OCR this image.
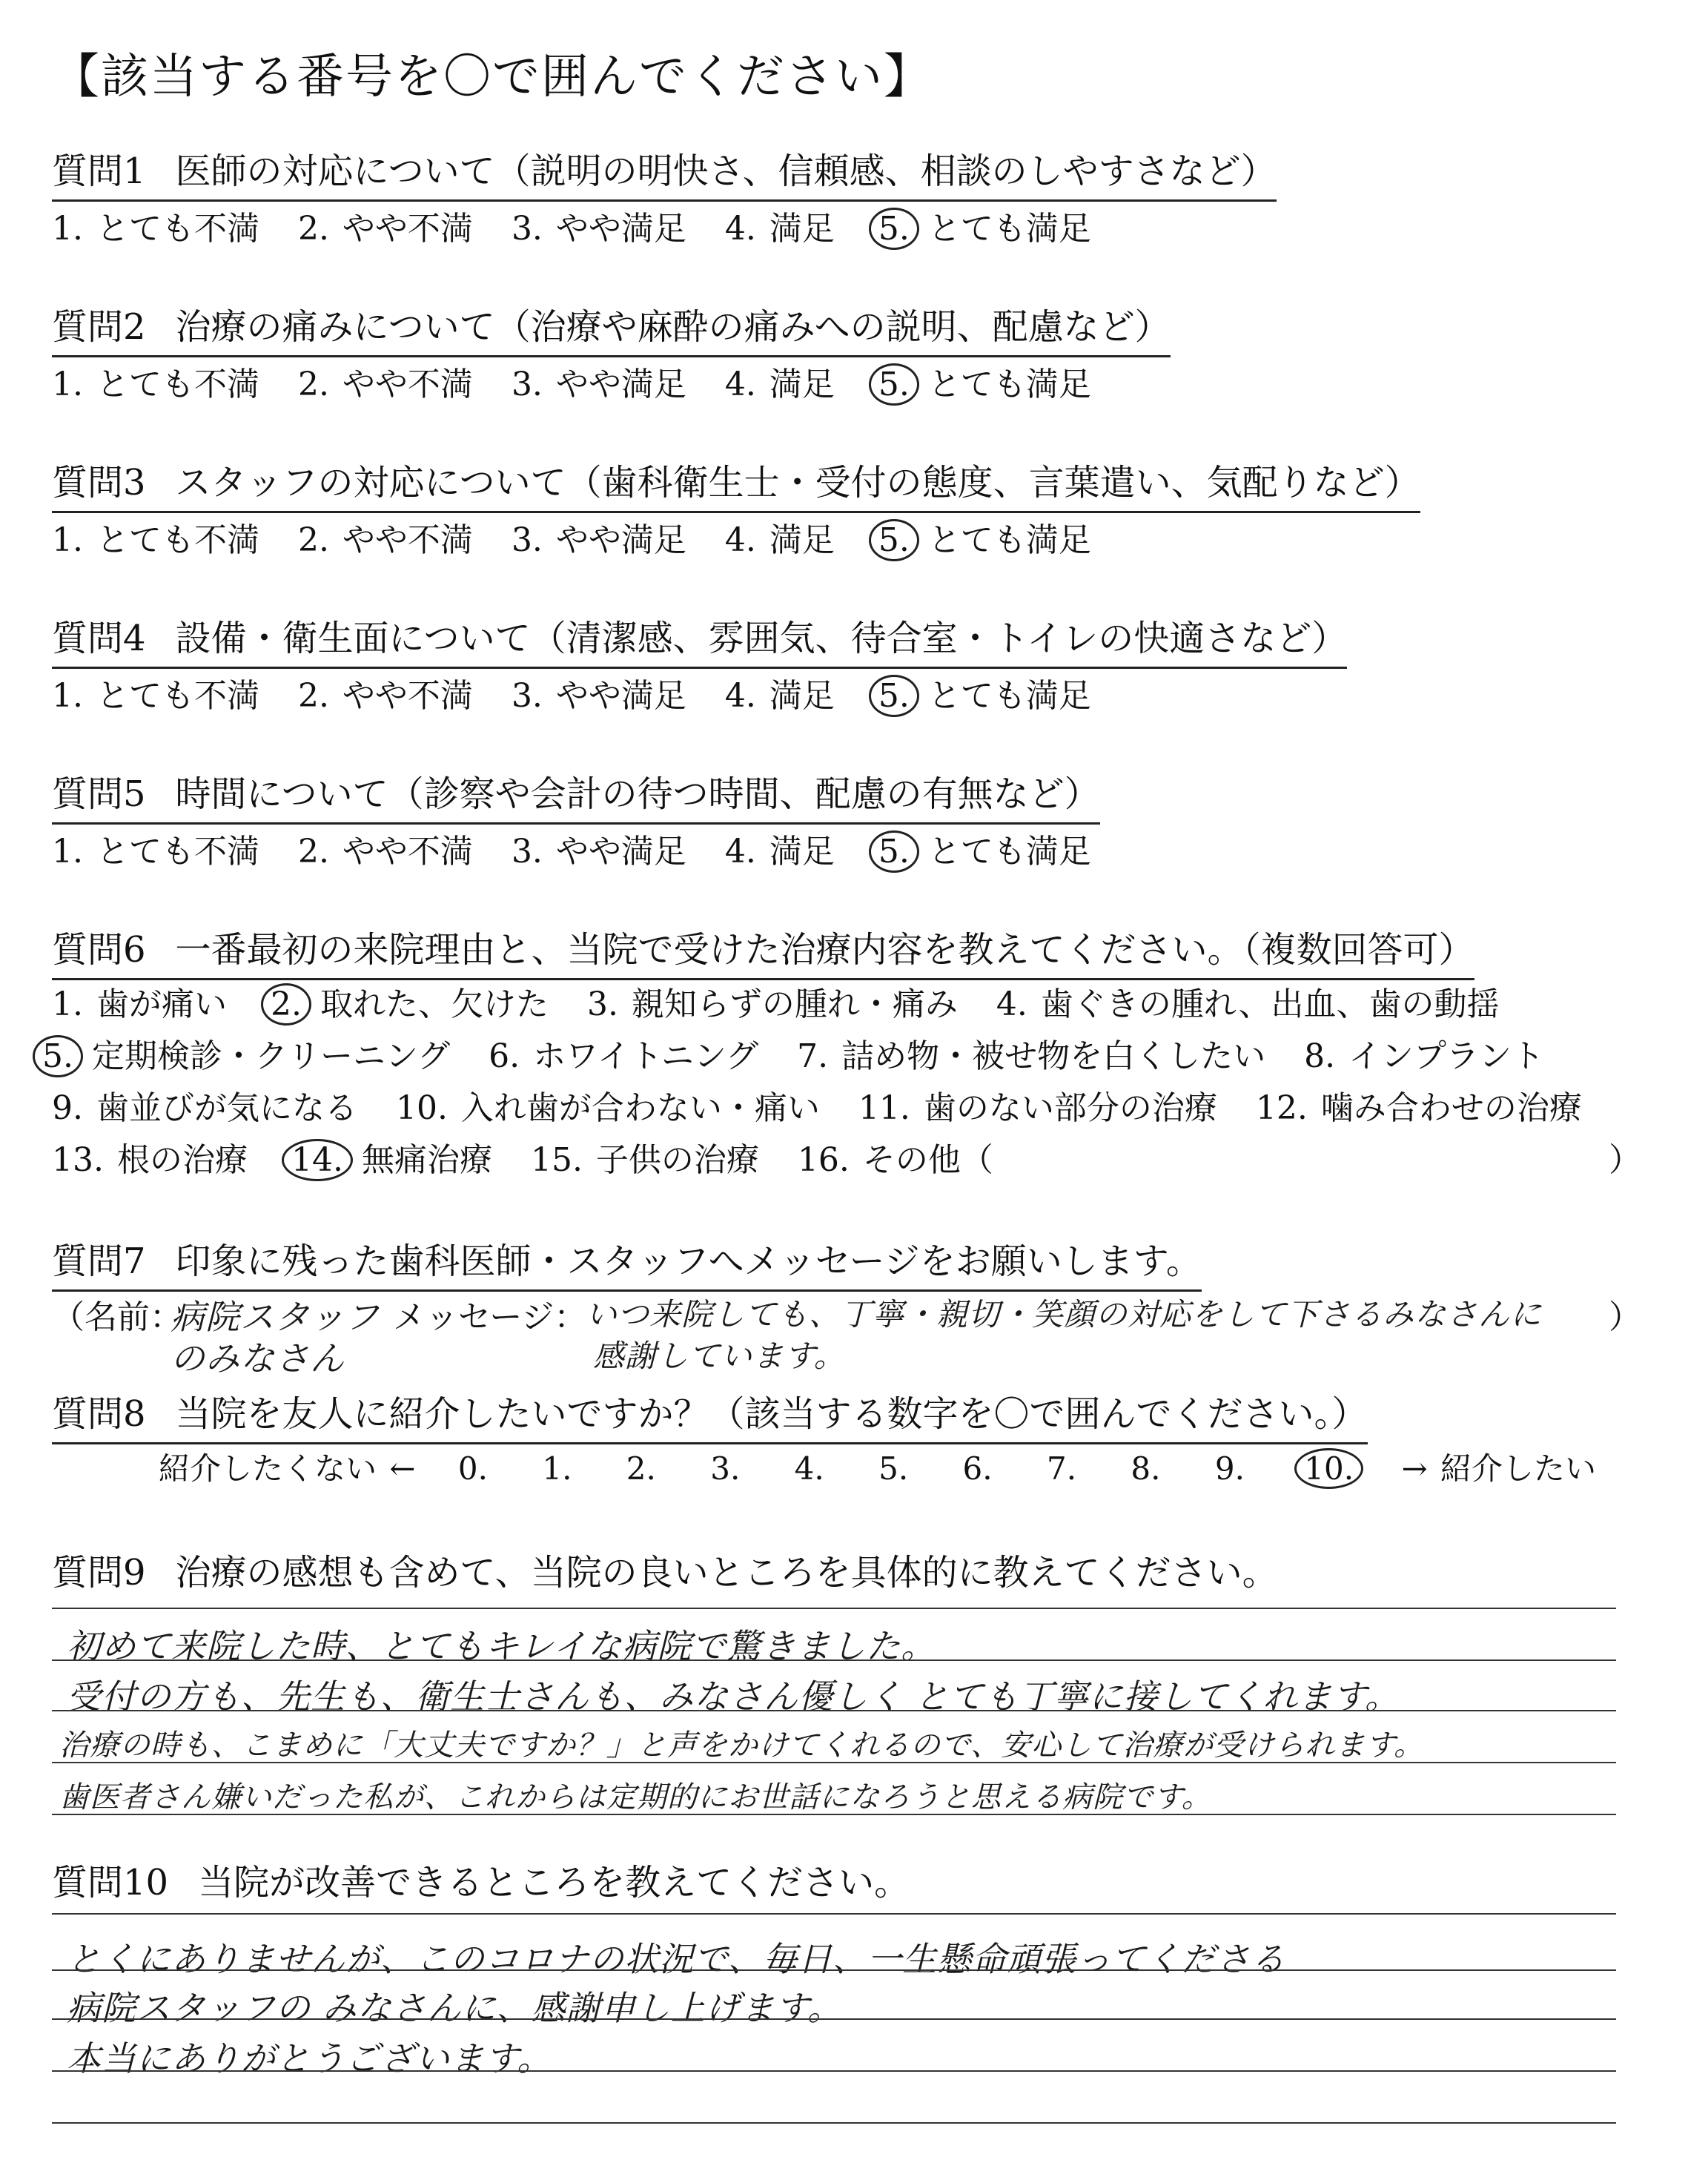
【該当する番号を〇で囲んでください】
質問1 医師の対応について（説明の明快さ、信頼感、相談のしやすさなど）
1. とても不満 2. やや不満 3. やや満足 4. 満足 5. とても満足
質問2 治療の痛みについて（治療や麻酔の痛みへの説明、配慮など）
1. とても不満 2. やや不満 3. やや満足 4. 満足 5. とても満足
質問3 スタッフの対応について（歯科衛生士・受付の態度、言葉遣い、気配りなど）
1. とても不満 2. やや不満 3. やや満足 4. 満足 5. とても満足
質問4 設備・衛生面について（清潔感、雰囲気、待合室・トイレの快適さなど）
1. とても不満 2. やや不満 3. やや満足 4. 満足 5. とても満足
質問5 時間について（診察や会計の待つ時間、配慮の有無など）
1. とても不満 2. やや不満 3. やや満足 4. 満足 5. とても満足
質問6 一番最初の来院理由と、当院で受けた治療内容を教えてください。（複数回答可）
1. 歯が痛い 2. 取れた、欠けた 3. 親知らずの腫れ・痛み 4. 歯ぐきの腫れ、出血、歯の動揺
5. 定期検診・クリーニング 6. ホワイトニング 7. 詰め物・被せ物を白くしたい 8. インプラント
9. 歯並びが気になる 10. 入れ歯が合わない・痛い 11. 歯のない部分の治療 12. 噛み合わせの治療
13. 根の治療 14. 無痛治療 15. 子供の治療 16. その他（	）
質問7 印象に残った歯科医師・スタッフへメッセージをお願いします。
（名前：
病院スタッフ
のみなさん
メッセージ：
いつ来院しても、丁寧・親切・笑顔の対応をして下さるみなさんに
感謝しています。
）
質問8 当院を友人に紹介したいですか？（該当する数字を〇で囲んでください。）
紹介したくない ← 0. 1. 2. 3. 4. 5. 6. 7. 8. 9. 10. → 紹介したい
質問9 治療の感想も含めて、当院の良いところを具体的に教えてください。
初めて来院した時、とてもキレイな病院で驚きました。
受付の方も、先生も、衛生士さんも、みなさん優しく とても丁寧に接してくれます。
治療の時も、こまめに「大丈夫ですか？」と声をかけてくれるので、安心して治療が受けられます。
歯医者さん嫌いだった私が、これからは定期的にお世話になろうと思える病院です。
質問10 当院が改善できるところを教えてください。
とくにありませんが、このコロナの状況で、毎日、一生懸命頑張ってくださる
病院スタッフの みなさんに、感謝申し上げます。
本当にありがとうございます。
